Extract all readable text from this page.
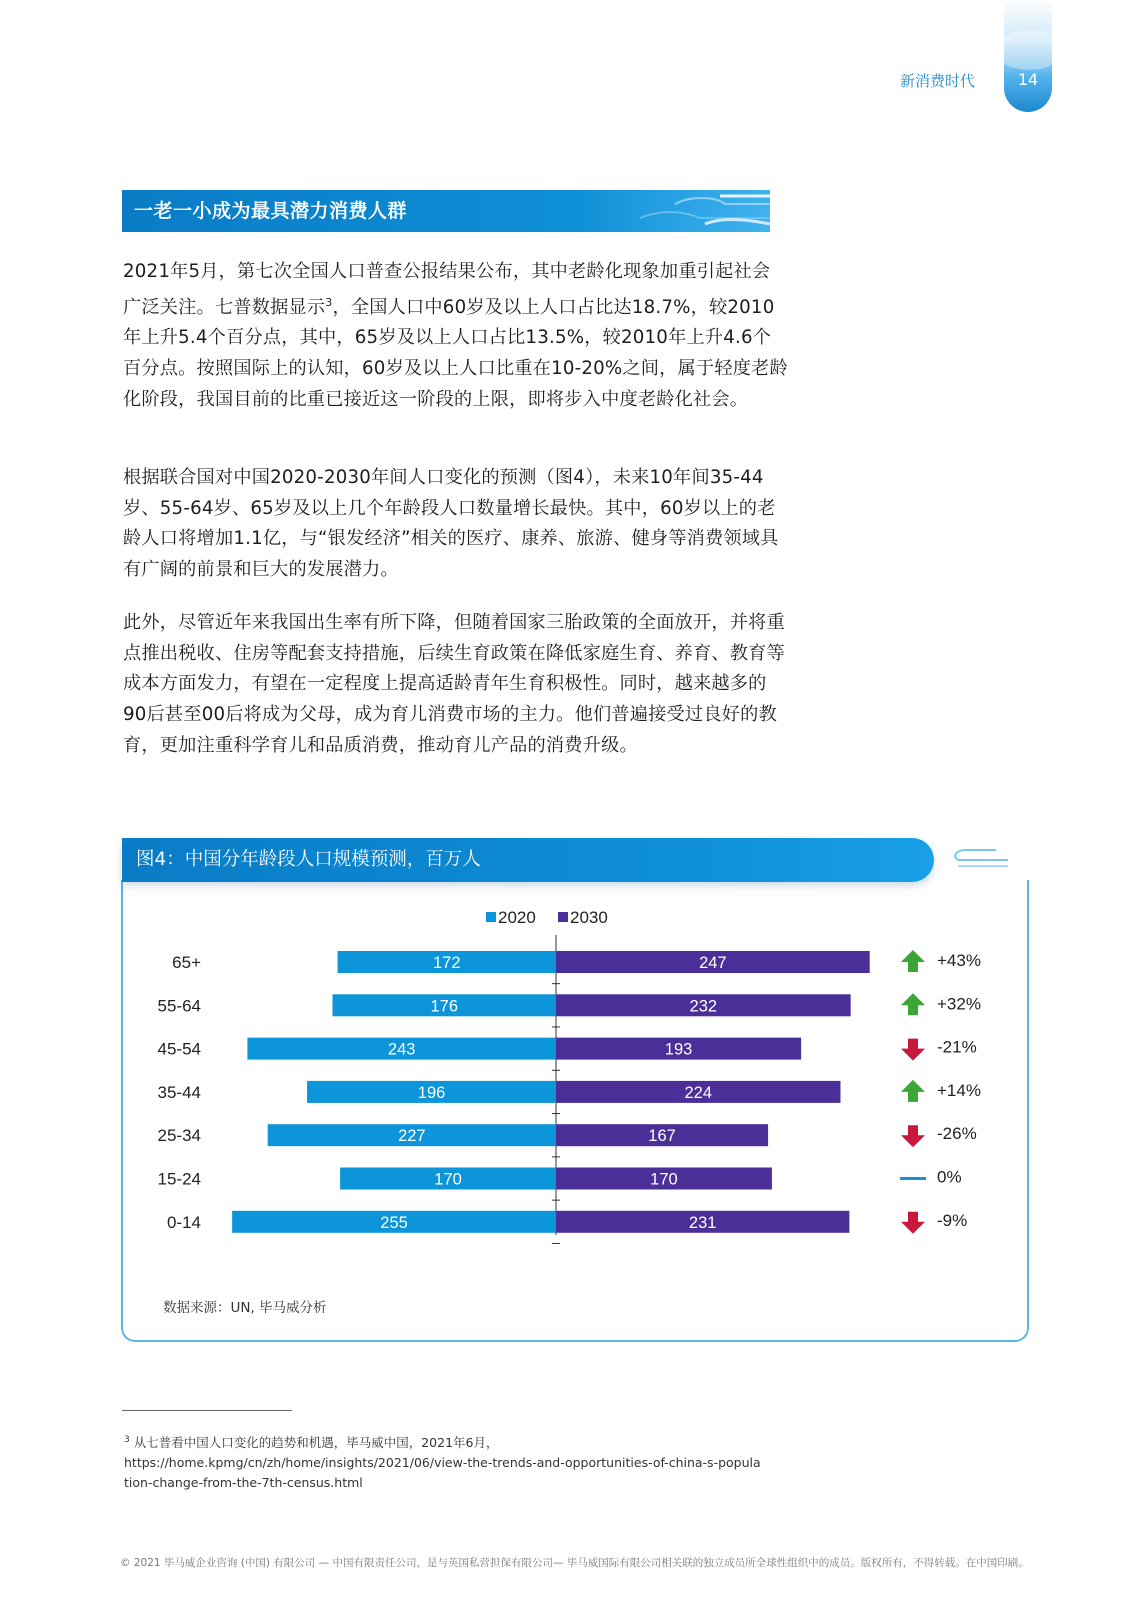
新消费时代	14
一老一小成为最具潜力消费人群

2021年5月，第七次全国人口普查公报结果公布，其中老龄化现象加重引起社会广泛关注。七普数据显示$^3$，全国人口中60岁及以上人口占比达18.7%，较2010年上升5.4个百分点，其中，65岁及以上人口占比13.5%，较2010年上升4.6个百分点。按照国际上的认知，60岁及以上人口比重在10-20%之间，属于轻度老龄化阶段，我国目前的比重已接近这一阶段的上限，即将步入中度老龄化社会。

根据联合国对中国2020-2030年间人口变化的预测（图4），未来10年间35-44岁、55-64岁、65岁及以上几个年龄段人口数量增长最快。其中，60岁以上的老龄人口将增加1.1亿，与“银发经济”相关的医疗、康养、旅游、健身等消费领域具有广阔的前景和巨大的发展潜力。

此外，尽管近年来我国出生率有所下降，但随着国家三胎政策的全面放开，并将重点推出税收、住房等配套支持措施，后续生育政策在降低家庭生育、养育、教育等成本方面发力，有望在一定程度上提高适龄青年生育积极性。同时，越来越多的90后甚至00后将成为父母，成为育儿消费市场的主力。他们普遍接受过良好的教育，更加注重科学育儿和品质消费，推动育儿产品的消费升级。

图4：中国分年龄段人口规模预测，百万人
2020 2030
65+	172	247	+43%
55-64	176	232	+32%
45-54	243	193	-21%
35-44	196	224	+14%
25-34	227	167	-26%
15-24	170	170	0%
0-14	255	231	-9%
数据来源：UN, 毕马威分析

$^3$ 从七普看中国人口变化的趋势和机遇，毕马威中国，2021年6月，
https://home.kpmg/cn/zh/home/insights/2021/06/view-the-trends-and-opportunities-of-china-s-population-change-from-the-7th-census.html

© 2021 毕马威企业咨询 (中国) 有限公司 — 中国有限责任公司，是与英国私营担保有限公司— 毕马威国际有限公司相关联的独立成员所全球性组织中的成员。版权所有，不得转载。在中国印刷。
